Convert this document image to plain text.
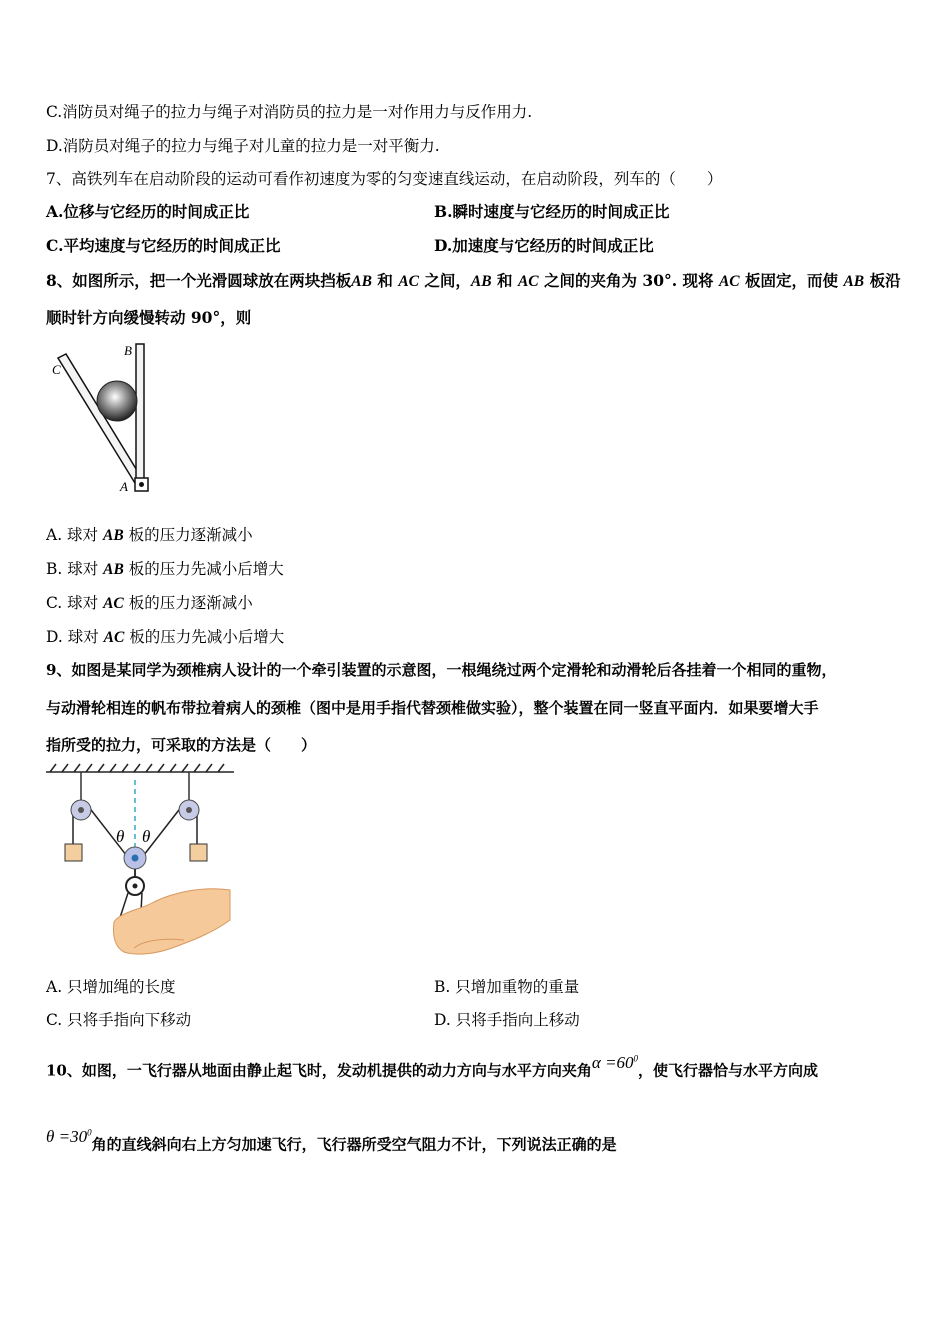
C.消防员对绳子的拉力与绳子对消防员的拉力是一对作用力与反作用力.
D.消防员对绳子的拉力与绳子对儿童的拉力是一对平衡力.
7、高铁列车在启动阶段的运动可看作初速度为零的匀变速直线运动，在启动阶段，列车的（　　）
A.位移与它经历的时间成正比	B.瞬时速度与它经历的时间成正比
C.平均速度与它经历的时间成正比	D.加速度与它经历的时间成正比
8、如图所示，把一个光滑圆球放在两块挡板AB 和 AC 之间，AB 和 AC 之间的夹角为 30°. 现将 AC 板固定，而使 AB 板沿
顺时针方向缓慢转动 90°，则
C
B
A
A. 球对 AB 板的压力逐渐减小
B. 球对 AB 板的压力先减小后增大
C. 球对 AC 板的压力逐渐减小
D. 球对 AC 板的压力先减小后增大
9、如图是某同学为颈椎病人设计的一个牵引装置的示意图，一根绳绕过两个定滑轮和动滑轮后各挂着一个相同的重物，
与动滑轮相连的帆布带拉着病人的颈椎（图中是用手指代替颈椎做实验），整个装置在同一竖直平面内．如果要增大手
指所受的拉力，可采取的方法是（　　）
θ θ
A. 只增加绳的长度	B. 只增加重物的重量
C. 只将手指向下移动	D. 只将手指向上移动
10、如图，一飞行器从地面由静止起飞时，发动机提供的动力方向与水平方向夹角$\alpha =60^0$，使飞行器恰与水平方向成
$\theta =30^0$角的直线斜向右上方匀加速飞行，飞行器所受空气阻力不计，下列说法正确的是
